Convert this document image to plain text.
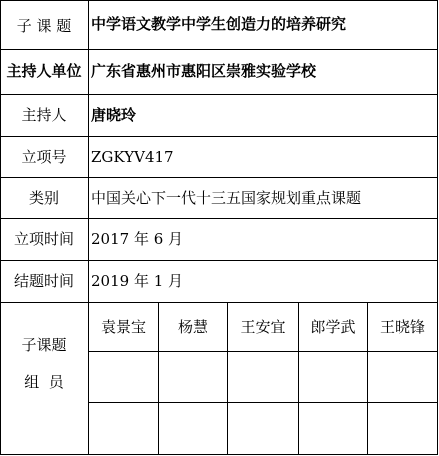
子 课 题	中学语文教学中学生创造力的培养研究
主持人单位 广东省惠州市惠阳区崇雅实验学校
主持人	唐晓玲
立项号	ZGKYV417
类别	中国关心下一代十三五国家规划重点课题
立项时间	2017 年 6 月
结题时间	2019 年 1 月
子课题
组  员
袁景宝	杨慧	王安宜	郎学武	王晓锋
